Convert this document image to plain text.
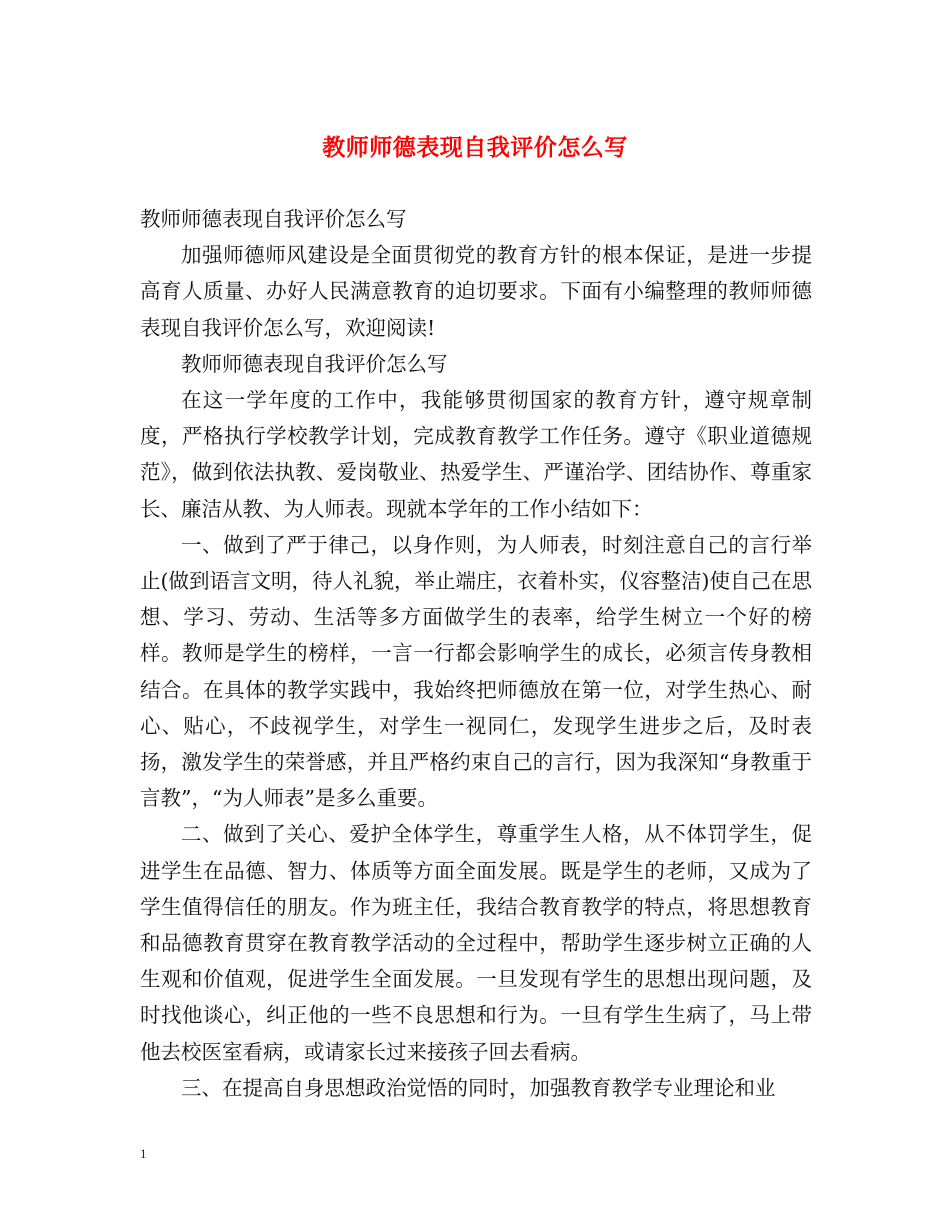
教师师德表现自我评价怎么写

教师师德表现自我评价怎么写

加强师德师风建设是全面贯彻党的教育方针的根本保证，是进一步提高育人质量、办好人民满意教育的迫切要求。下面有小编整理的教师师德表现自我评价怎么写，欢迎阅读!

教师师德表现自我评价怎么写

在这一学年度的工作中，我能够贯彻国家的教育方针，遵守规章制度，严格执行学校教学计划，完成教育教学工作任务。遵守《职业道德规范》，做到依法执教、爱岗敬业、热爱学生、严谨治学、团结协作、尊重家长、廉洁从教、为人师表。现就本学年的工作小结如下：

一、做到了严于律己，以身作则，为人师表，时刻注意自己的言行举止(做到语言文明，待人礼貌，举止端庄，衣着朴实，仪容整洁)使自己在思想、学习、劳动、生活等多方面做学生的表率，给学生树立一个好的榜样。教师是学生的榜样，一言一行都会影响学生的成长，必须言传身教相结合。在具体的教学实践中，我始终把师德放在第一位，对学生热心、耐心、贴心，不歧视学生，对学生一视同仁，发现学生进步之后，及时表扬，激发学生的荣誉感，并且严格约束自己的言行，因为我深知“身教重于言教”，“为人师表”是多么重要。

二、做到了关心、爱护全体学生，尊重学生人格，从不体罚学生，促进学生在品德、智力、体质等方面全面发展。既是学生的老师，又成为了学生值得信任的朋友。作为班主任，我结合教育教学的特点，将思想教育和品德教育贯穿在教育教学活动的全过程中，帮助学生逐步树立正确的人生观和价值观，促进学生全面发展。一旦发现有学生的思想出现问题，及时找他谈心，纠正他的一些不良思想和行为。一旦有学生生病了，马上带他去校医室看病，或请家长过来接孩子回去看病。

三、在提高自身思想政治觉悟的同时，加强教育教学专业理论和业

1
